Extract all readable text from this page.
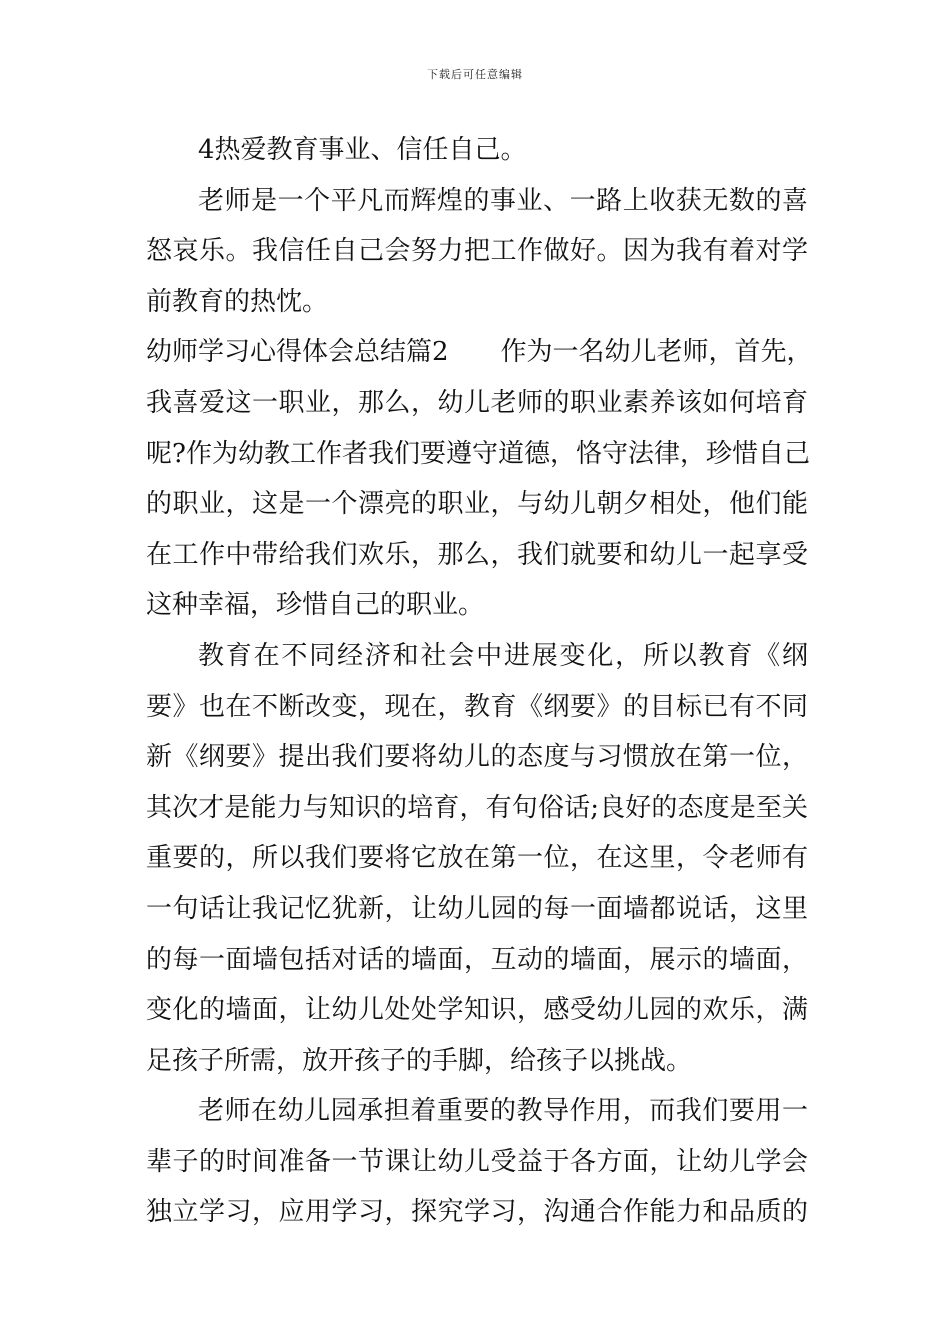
下载后可任意编辑
4热爱教育事业、信任自己。
老师是一个平凡而辉煌的事业、一路上收获无数的喜
怒哀乐。我信任自己会努力把工作做好。因为我有着对学
前教育的热忱。
幼师学习心得体会总结篇2　　作为一名幼儿老师，首先，
我喜爱这一职业，那么，幼儿老师的职业素养该如何培育
呢?作为幼教工作者我们要遵守道德，恪守法律，珍惜自己
的职业，这是一个漂亮的职业，与幼儿朝夕相处，他们能
在工作中带给我们欢乐，那么，我们就要和幼儿一起享受
这种幸福，珍惜自己的职业。
教育在不同经济和社会中进展变化，所以教育《纲
要》也在不断改变，现在，教育《纲要》的目标已有不同
新《纲要》提出我们要将幼儿的态度与习惯放在第一位，
其次才是能力与知识的培育，有句俗话;良好的态度是至关
重要的，所以我们要将它放在第一位，在这里，令老师有
一句话让我记忆犹新，让幼儿园的每一面墙都说话，这里
的每一面墙包括对话的墙面，互动的墙面，展示的墙面，
变化的墙面，让幼儿处处学知识，感受幼儿园的欢乐，满
足孩子所需，放开孩子的手脚，给孩子以挑战。
老师在幼儿园承担着重要的教导作用，而我们要用一
辈子的时间准备一节课让幼儿受益于各方面，让幼儿学会
独立学习，应用学习，探究学习，沟通合作能力和品质的
